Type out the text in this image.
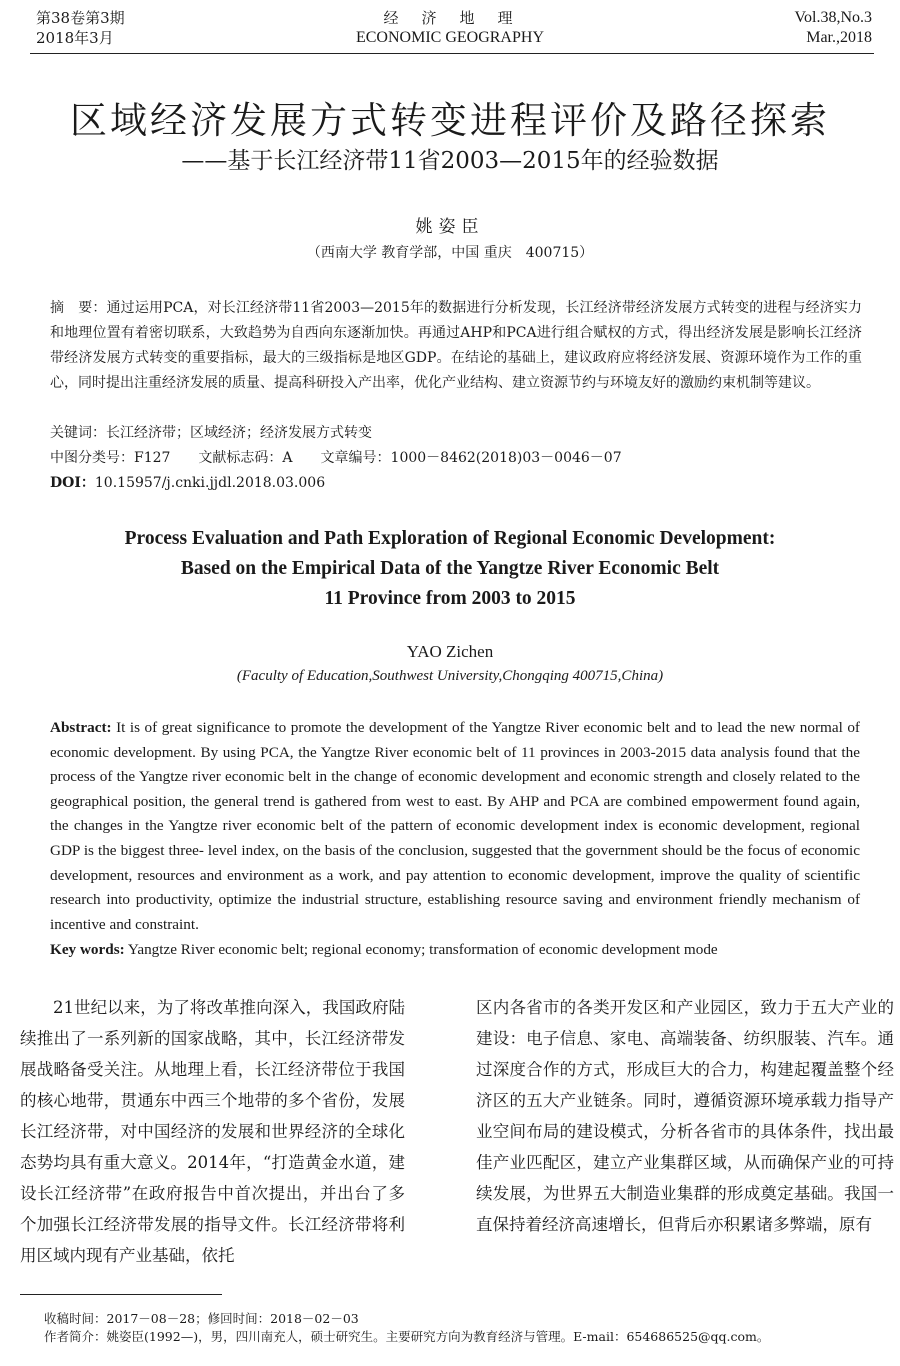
第38卷第3期
2018年3月
经　济　地　理
ECONOMIC GEOGRAPHY
Vol.38,No.3
Mar.,2018
区域经济发展方式转变进程评价及路径探索
——基于长江经济带11省2003—2015年的经验数据
姚姿臣
（西南大学 教育学部，中国 重庆　400715）
摘　要：通过运用PCA，对长江经济带11省2003—2015年的数据进行分析发现，长江经济带经济发展方式转变的进程与经济实力和地理位置有着密切联系，大致趋势为自西向东逐渐加快。再通过AHP和PCA进行组合赋权的方式，得出经济发展是影响长江经济带经济发展方式转变的重要指标，最大的三级指标是地区GDP。在结论的基础上，建议政府应将经济发展、资源环境作为工作的重心，同时提出注重经济发展的质量、提高科研投入产出率，优化产业结构、建立资源节约与环境友好的激励约束机制等建议。
关键词：长江经济带；区域经济；经济发展方式转变
中图分类号：F127　　文献标志码：A　　文章编号：1000－8462(2018)03－0046－07
DOI：10.15957/j.cnki.jjdl.2018.03.006
Process Evaluation and Path Exploration of Regional Economic Development:
Based on the Empirical Data of the Yangtze River Economic Belt
11 Province from 2003 to 2015
YAO Zichen
(Faculty of Education,Southwest University,Chongqing 400715,China)
Abstract: It is of great significance to promote the development of the Yangtze River economic belt and to lead the new normal of economic development. By using PCA, the Yangtze River economic belt of 11 provinces in 2003-2015 data analysis found that the process of the Yangtze river economic belt in the change of economic development and economic strength and closely related to the geographical position, the general trend is gathered from west to east. By AHP and PCA are combined empowerment found again, the changes in the Yangtze river economic belt of the pattern of economic development index is economic development, regional GDP is the biggest three- level index, on the basis of the conclusion, suggested that the government should be the focus of economic development, resources and environment as a work, and pay attention to economic development, improve the quality of scientific research into productivity, optimize the industrial structure, establishing resource saving and environment friendly mechanism of incentive and constraint.
Key words: Yangtze River economic belt; regional economy; transformation of economic development mode
21世纪以来，为了将改革推向深入，我国政府陆续推出了一系列新的国家战略，其中，长江经济带发展战略备受关注。从地理上看，长江经济带位于我国的核心地带，贯通东中西三个地带的多个省份，发展长江经济带，对中国经济的发展和世界经济的全球化态势均具有重大意义。2014年，“打造黄金水道，建设长江经济带”在政府报告中首次提出，并出台了多个加强长江经济带发展的指导文件。长江经济带将利用区域内现有产业基础，依托
区内各省市的各类开发区和产业园区，致力于五大产业的建设：电子信息、家电、高端装备、纺织服装、汽车。通过深度合作的方式，形成巨大的合力，构建起覆盖整个经济区的五大产业链条。同时，遵循资源环境承载力指导产业空间布局的建设模式，分析各省市的具体条件，找出最佳产业匹配区，建立产业集群区域，从而确保产业的可持续发展，为世界五大制造业集群的形成奠定基础。我国一直保持着经济高速增长，但背后亦积累诸多弊端，原有
收稿时间：2017－08－28；修回时间：2018－02－03
作者简介：姚姿臣(1992—)，男，四川南充人，硕士研究生。主要研究方向为教育经济与管理。E-mail：654686525@qq.com。
